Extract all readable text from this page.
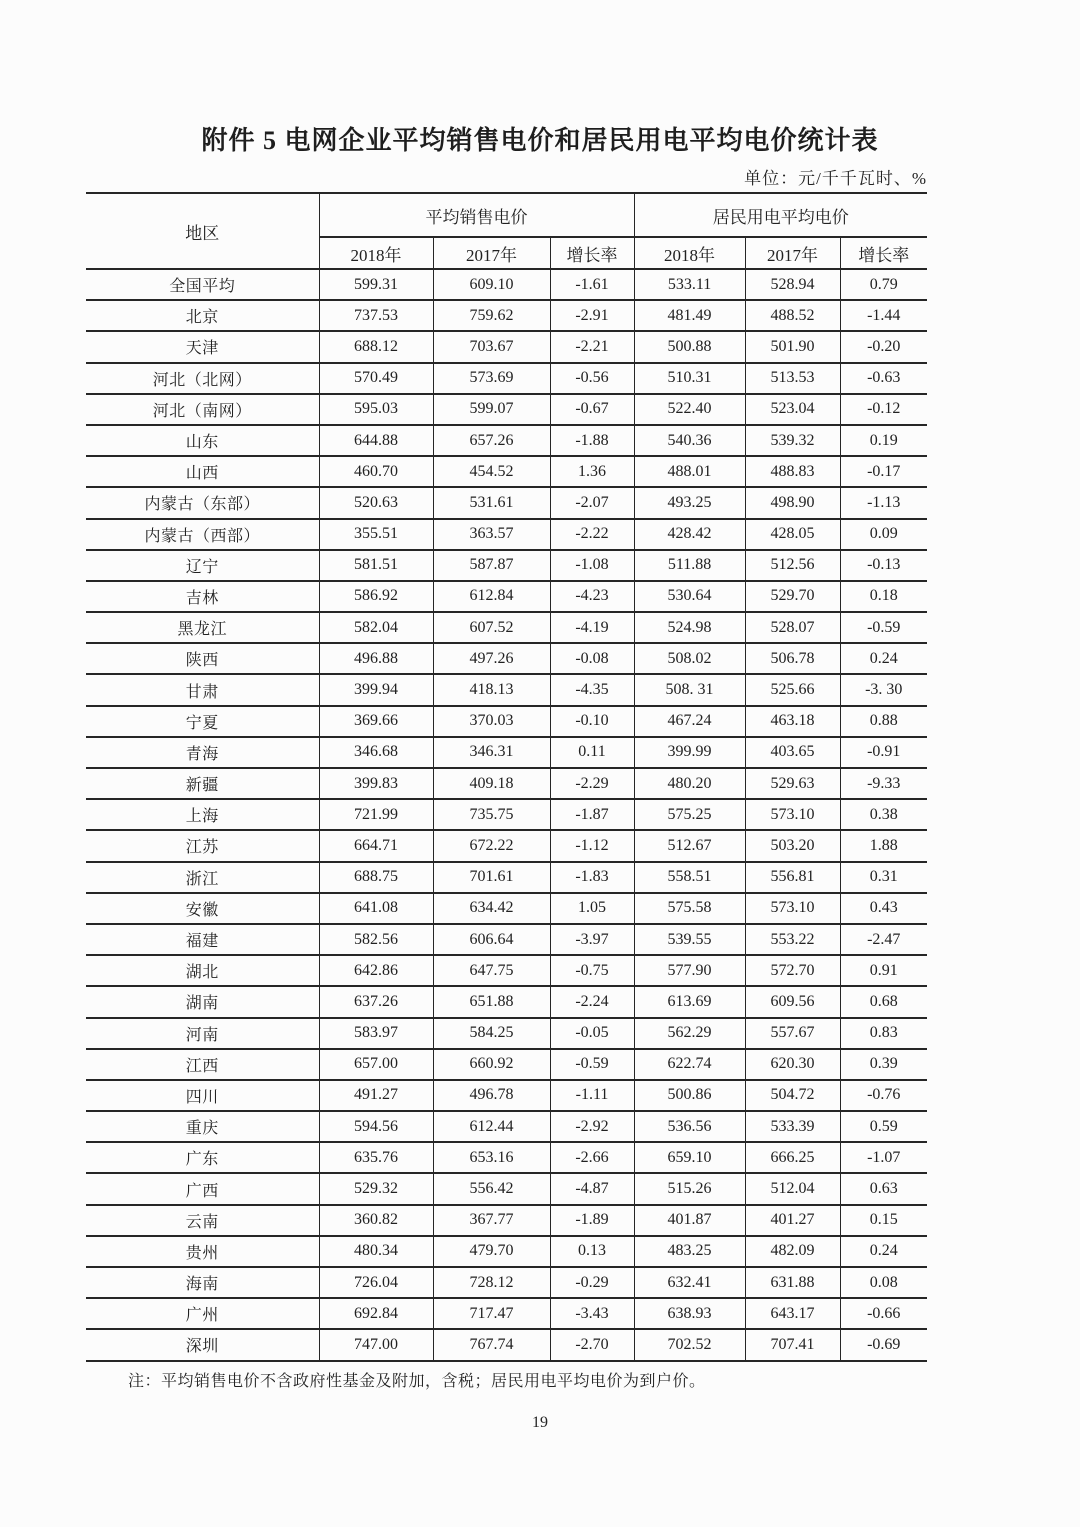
附件 5 电网企业平均销售电价和居民用电平均电价统计表
单位：元/千千瓦时、%
地区	平均销售电价			居民用电平均电价		
	2018年	2017年	增长率	2018年	2017年	增长率
全国平均	599.31	609.10	-1.61	533.11	528.94	0.79
北京	737.53	759.62	-2.91	481.49	488.52	-1.44
天津	688.12	703.67	-2.21	500.88	501.90	-0.20
河北（北网）	570.49	573.69	-0.56	510.31	513.53	-0.63
河北（南网）	595.03	599.07	-0.67	522.40	523.04	-0.12
山东	644.88	657.26	-1.88	540.36	539.32	0.19
山西	460.70	454.52	1.36	488.01	488.83	-0.17
内蒙古（东部）	520.63	531.61	-2.07	493.25	498.90	-1.13
内蒙古（西部）	355.51	363.57	-2.22	428.42	428.05	0.09
辽宁	581.51	587.87	-1.08	511.88	512.56	-0.13
吉林	586.92	612.84	-4.23	530.64	529.70	0.18
黑龙江	582.04	607.52	-4.19	524.98	528.07	-0.59
陕西	496.88	497.26	-0.08	508.02	506.78	0.24
甘肃	399.94	418.13	-4.35	508. 31	525.66	-3. 30
宁夏	369.66	370.03	-0.10	467.24	463.18	0.88
青海	346.68	346.31	0.11	399.99	403.65	-0.91
新疆	399.83	409.18	-2.29	480.20	529.63	-9.33
上海	721.99	735.75	-1.87	575.25	573.10	0.38
江苏	664.71	672.22	-1.12	512.67	503.20	1.88
浙江	688.75	701.61	-1.83	558.51	556.81	0.31
安徽	641.08	634.42	1.05	575.58	573.10	0.43
福建	582.56	606.64	-3.97	539.55	553.22	-2.47
湖北	642.86	647.75	-0.75	577.90	572.70	0.91
湖南	637.26	651.88	-2.24	613.69	609.56	0.68
河南	583.97	584.25	-0.05	562.29	557.67	0.83
江西	657.00	660.92	-0.59	622.74	620.30	0.39
四川	491.27	496.78	-1.11	500.86	504.72	-0.76
重庆	594.56	612.44	-2.92	536.56	533.39	0.59
广东	635.76	653.16	-2.66	659.10	666.25	-1.07
广西	529.32	556.42	-4.87	515.26	512.04	0.63
云南	360.82	367.77	-1.89	401.87	401.27	0.15
贵州	480.34	479.70	0.13	483.25	482.09	0.24
海南	726.04	728.12	-0.29	632.41	631.88	0.08
广州	692.84	717.47	-3.43	638.93	643.17	-0.66
深圳	747.00	767.74	-2.70	702.52	707.41	-0.69
注：平均销售电价不含政府性基金及附加，含税；居民用电平均电价为到户价。
19
